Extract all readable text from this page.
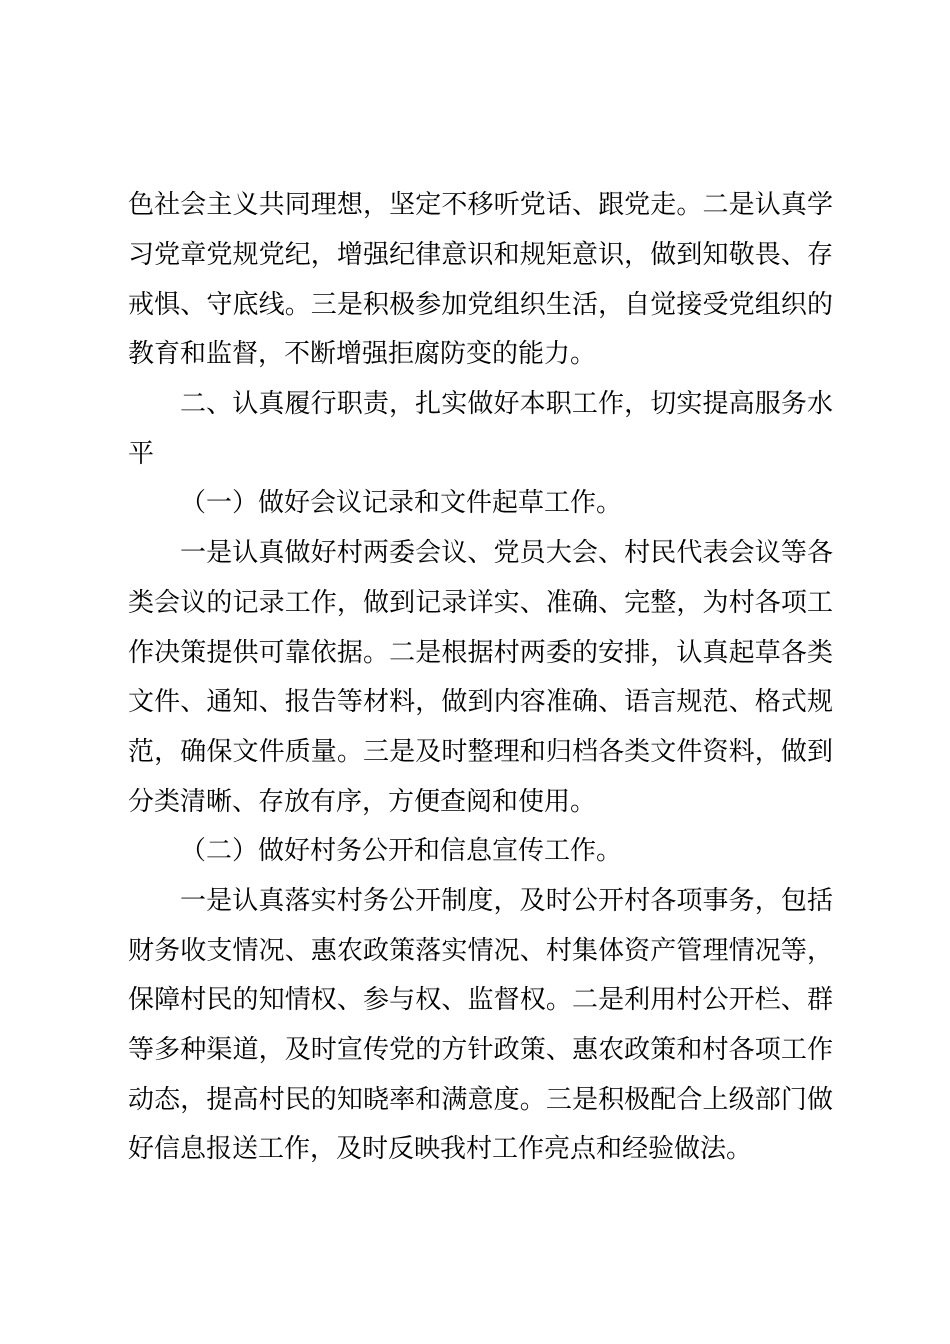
色社会主义共同理想，坚定不移听党话、跟党走。二是认真学
习党章党规党纪，增强纪律意识和规矩意识，做到知敬畏、存
戒惧、守底线。三是积极参加党组织生活，自觉接受党组织的
教育和监督，不断增强拒腐防变的能力。
二、认真履行职责，扎实做好本职工作，切实提高服务水
平
（一）做好会议记录和文件起草工作。
一是认真做好村两委会议、党员大会、村民代表会议等各
类会议的记录工作，做到记录详实、准确、完整，为村各项工
作决策提供可靠依据。二是根据村两委的安排，认真起草各类
文件、通知、报告等材料，做到内容准确、语言规范、格式规
范，确保文件质量。三是及时整理和归档各类文件资料，做到
分类清晰、存放有序，方便查阅和使用。
（二）做好村务公开和信息宣传工作。
一是认真落实村务公开制度，及时公开村各项事务，包括
财务收支情况、惠农政策落实情况、村集体资产管理情况等，
保障村民的知情权、参与权、监督权。二是利用村公开栏、群
等多种渠道，及时宣传党的方针政策、惠农政策和村各项工作
动态，提高村民的知晓率和满意度。三是积极配合上级部门做
好信息报送工作，及时反映我村工作亮点和经验做法。
